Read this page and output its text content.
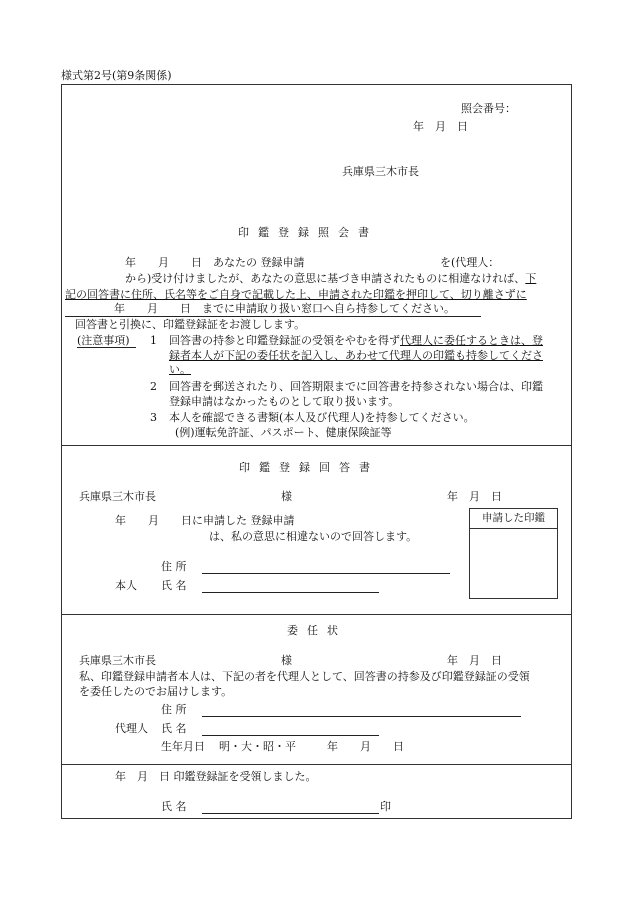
様式第2号(第9条関係)
照会番号：
年　月　日
兵庫県三木市長
印鑑登録照会書
年　　月　　日　あなたの 登録申請	を(代理人：
から)受け付けましたが、あなたの意思に基づき申請されたものに相違なければ、下
記の回答書に住所、氏名等をご自身で記載した上、申請された印鑑を押印して、切り離さずに
年　　月　　日　までに申請取り扱い窓口へ自ら持参してください。
回答書と引換に、印鑑登録証をお渡しします。
(注意事項) 1 回答書の持参と印鑑登録証の受領をやむを得ず代理人に委任するときは、登
録者本人が下記の委任状を記入し、あわせて代理人の印鑑も持参してくださ
い。
2 回答書を郵送されたり、回答期限までに回答書を持参されない場合は、印鑑
登録申請はなかったものとして取り扱います。
3 本人を確認できる書類(本人及び代理人)を持参してください。
(例)運転免許証、パスポート、健康保険証等
印鑑登録回答書
兵庫県三木市長	様	年　月　日
年　　月　　日に申請した 登録申請
は、私の意思に相違ないので回答します。
申請した印鑑
住 所
本人 氏 名
委任状
兵庫県三木市長	様	年　月　日
私、印鑑登録申請者本人は、下記の者を代理人として、回答書の持参及び印鑑登録証の受領
を委任したのでお届けします。
住 所
代理人 氏 名
生年月日 明・大・昭・平	年　　月　　日
年　月　日 印鑑登録証を受領しました。
氏 名	印
